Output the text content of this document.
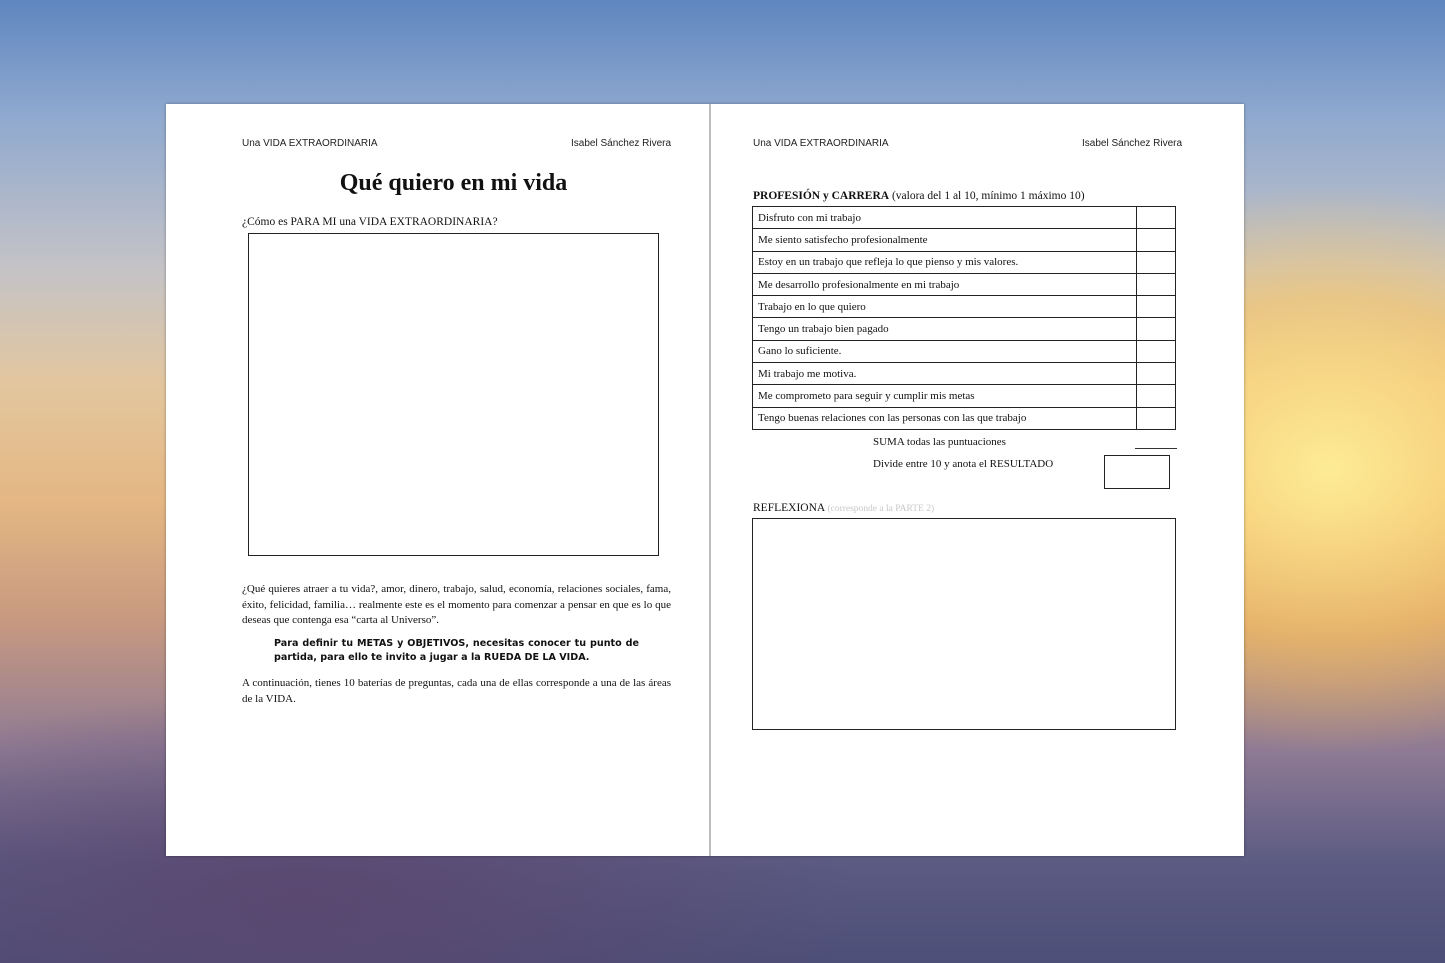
Una VIDA EXTRAORDINARIA	Isabel Sánchez Rivera
Qué quiero en mi vida
¿Cómo es PARA MI una VIDA EXTRAORDINARIA?
¿Qué quieres atraer a tu vida?, amor, dinero, trabajo, salud, economía, relaciones sociales, fama, éxito, felicidad, familia… realmente este es el momento para comenzar a pensar en que es lo que deseas que contenga esa “carta al Universo”.
Para definir tu METAS y OBJETIVOS, necesitas conocer tu punto de partida, para ello te invito a jugar a la RUEDA DE LA VIDA.
A continuación, tienes 10 baterías de preguntas, cada una de ellas corresponde a una de las áreas de la VIDA.
Una VIDA EXTRAORDINARIA	Isabel Sánchez Rivera
PROFESIÓN y CARRERA (valora del 1 al 10, mínimo 1 máximo 10)
Disfruto con mi trabajo	
Me siento satisfecho profesionalmente	
Estoy en un trabajo que refleja lo que pienso y mis valores.	
Me desarrollo profesionalmente en mi trabajo	
Trabajo en lo que quiero	
Tengo un trabajo bien pagado	
Gano lo suficiente.	
Mi trabajo me motiva.	
Me comprometo para seguir y cumplir mis metas	
Tengo buenas relaciones con las personas con las que trabajo	
SUMA todas las puntuaciones
Divide entre 10 y anota el RESULTADO
REFLEXIONA (corresponde a la PARTE 2)
